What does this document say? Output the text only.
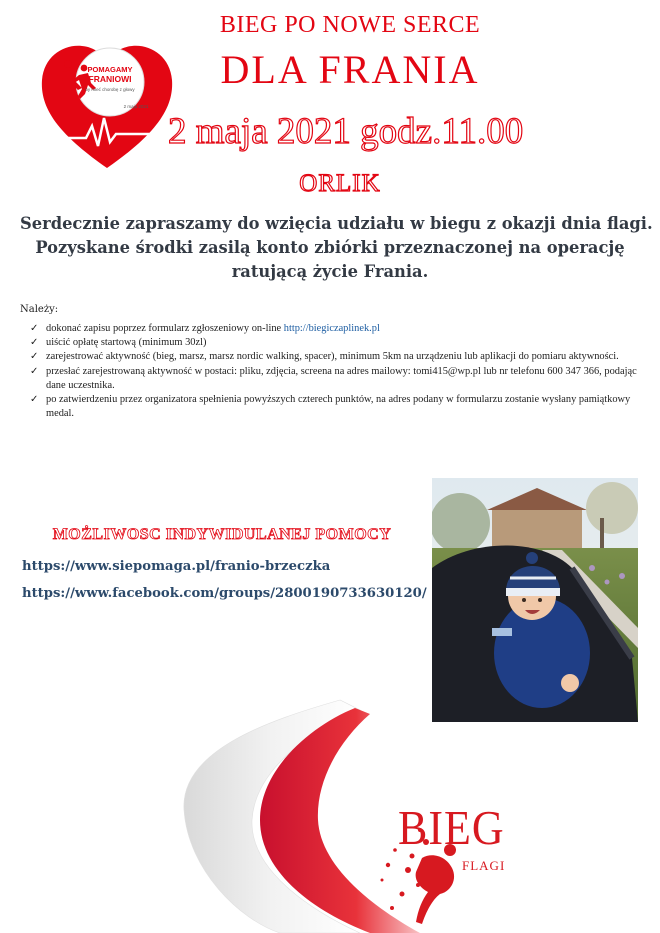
POMAGAMY
FRANIOWI
by mieć chorobę z głowy
2 maja 2021
BIEG PO NOWE SERCE
DLA FRANIA
2 maja 2021 godz.11.00
ORLIK
Serdecznie zapraszamy do wzięcia udziału w biegu z okazji dnia flagi.
Pozyskane środki zasilą konto zbiórki przeznaczonej na operację
ratującą życie Frania.
Należy:
✓ dokonać zapisu poprzez formularz zgłoszeniowy on-line http://biegiczaplinek.pl
✓ uiścić opłatę startową (minimum 30zl)
✓ zarejestrować aktywność (bieg, marsz, marsz nordic walking, spacer), minimum 5km na urządzeniu lub aplikacji do pomiaru aktywności.
✓ przesłać zarejestrowaną aktywność w postaci: pliku, zdjęcia, screena na adres mailowy: tomi415@wp.pl lub nr telefonu 600 347 366, podając dane uczestnika.
✓ po zatwierdzeniu przez organizatora spełnienia powyższych czterech punktów, na adres podany w formularzu zostanie wysłany pamiątkowy medal.
MOŻLIWOSC INDYWIDULANEJ POMOCY
https://www.siepomaga.pl/franio-brzeczka
https://www.facebook.com/groups/2800190733630120/
BIEG
FLAGI
